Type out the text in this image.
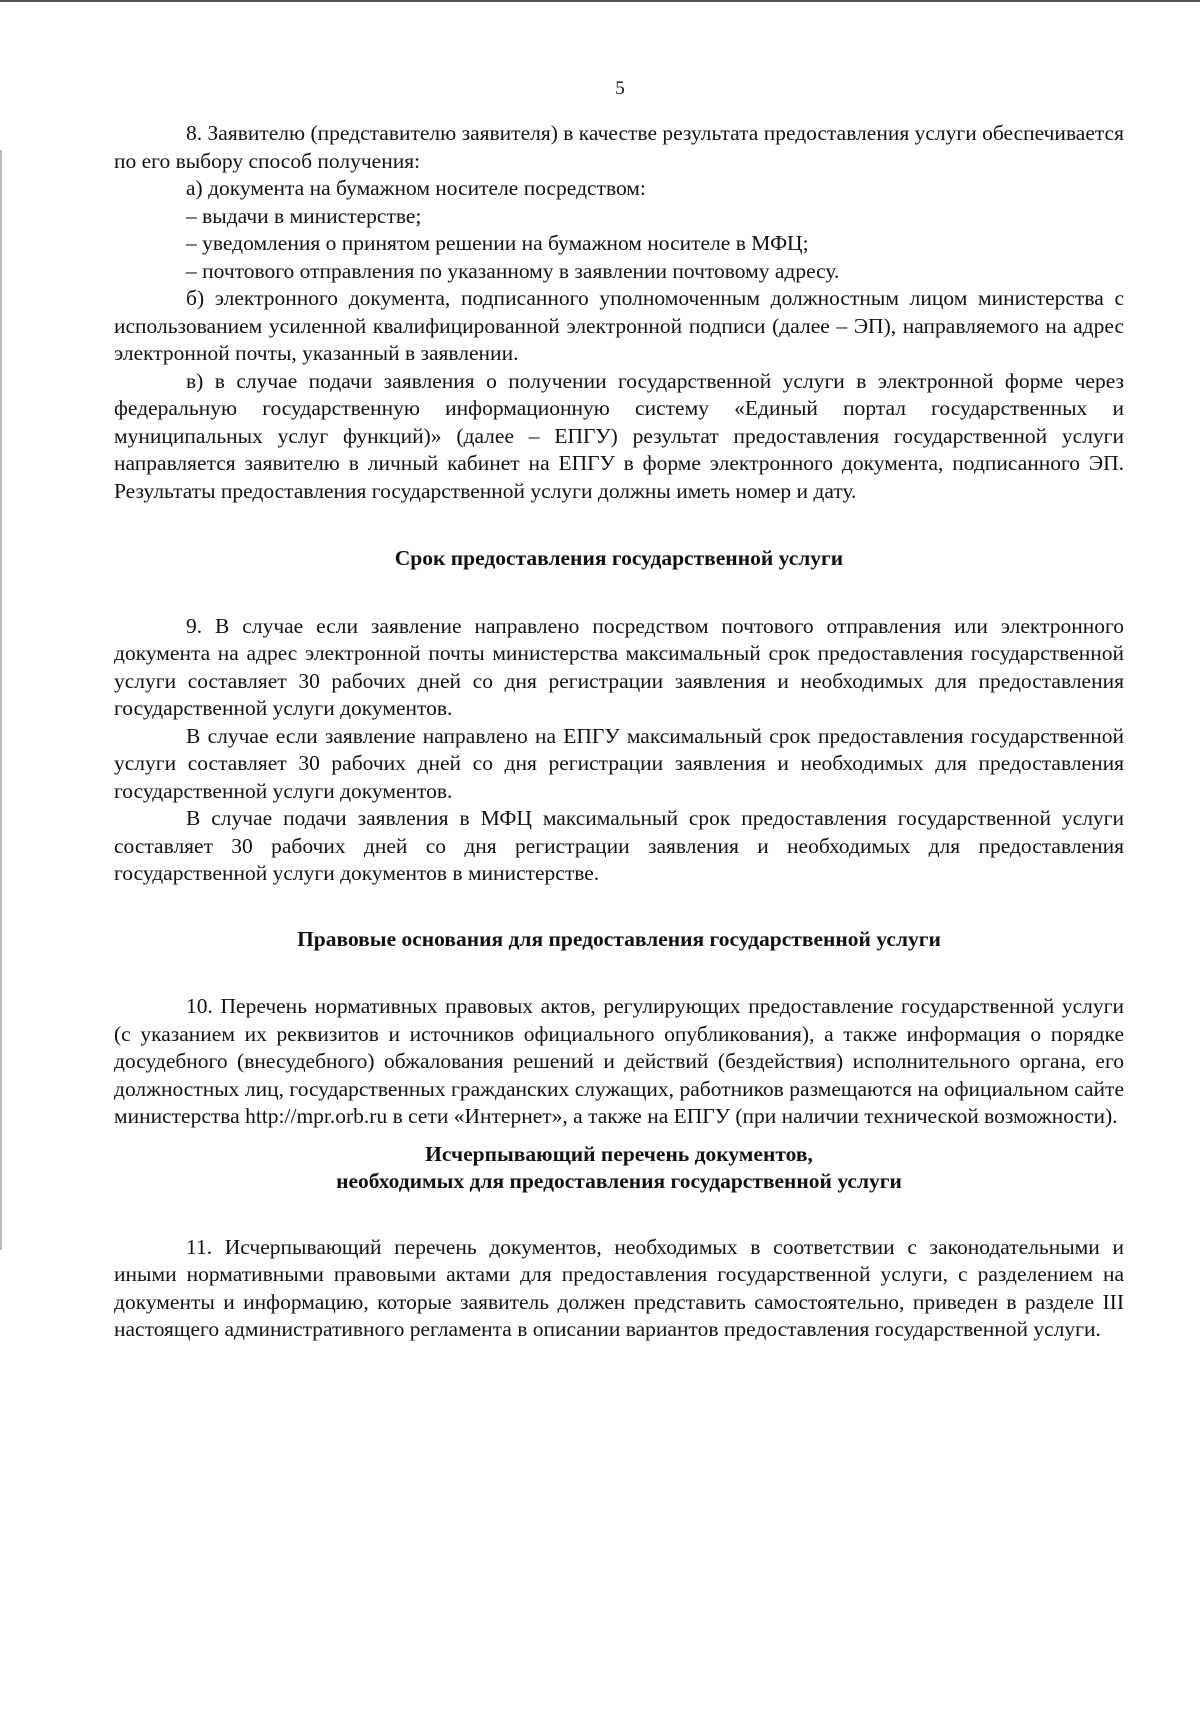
5

8. Заявителю (представителю заявителя) в качестве результата предоставления услуги обеспечивается по его выбору способ получения:

а) документа на бумажном носителе посредством:

– выдачи в министерстве;

– уведомления о принятом решении на бумажном носителе в МФЦ;

– почтового отправления по указанному в заявлении почтовому адресу.

б) электронного документа, подписанного уполномоченным должностным лицом министерства с использованием усиленной квалифицированной электронной подписи (далее – ЭП), направляемого на адрес электронной почты, указанный в заявлении.

в) в случае подачи заявления о получении государственной услуги в электронной форме через федеральную государственную информационную систему «Единый портал государственных и муниципальных услуг функций)» (далее – ЕПГУ) результат предоставления государственной услуги направляется заявителю в личный кабинет на ЕПГУ в форме электронного документа, подписанного ЭП. Результаты предоставления государственной услуги должны иметь номер и дату.

Срок предоставления государственной услуги

9. В случае если заявление направлено посредством почтового отправления или электронного документа на адрес электронной почты министерства максимальный срок предоставления государственной услуги составляет 30 рабочих дней со дня регистрации заявления и необходимых для предоставления государственной услуги документов.

В случае если заявление направлено на ЕПГУ максимальный срок предоставления государственной услуги составляет 30 рабочих дней со дня регистрации заявления и необходимых для предоставления государственной услуги документов.

В случае подачи заявления в МФЦ максимальный срок предоставления государственной услуги составляет 30 рабочих дней со дня регистрации заявления и необходимых для предоставления государственной услуги документов в министерстве.

Правовые основания для предоставления государственной услуги

10. Перечень нормативных правовых актов, регулирующих предоставление государственной услуги (с указанием их реквизитов и источников официального опубликования), а также информация о порядке досудебного (внесудебного) обжалования решений и действий (бездействия) исполнительного органа, его должностных лиц, государственных гражданских служащих, работников размещаются на официальном сайте министерства http://mpr.orb.ru в сети «Интернет», а также на ЕПГУ (при наличии технической возможности).

Исчерпывающий перечень документов,
необходимых для предоставления государственной услуги

11. Исчерпывающий перечень документов, необходимых в соответствии с законодательными и иными нормативными правовыми актами для предоставления государственной услуги, с разделением на документы и информацию, которые заявитель должен представить самостоятельно, приведен в разделе III настоящего административного регламента в описании вариантов предоставления государственной услуги.
